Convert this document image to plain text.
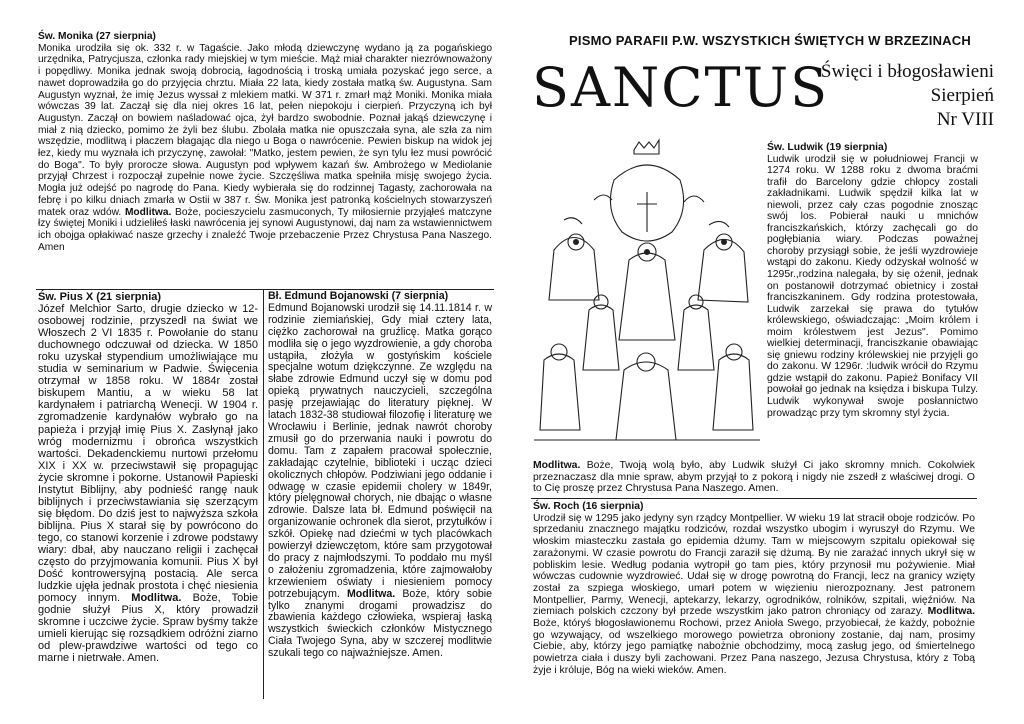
Św. Monika (27 sierpnia)

Monika urodziła się ok. 332 r. w Tagaście. Jako młodą dziewczynę wydano ją za pogańskiego urzędnika, Patrycjusza, członka rady miejskiej w tym mieście. Mąż miał charakter niezrównoważony i popędliwy. Monika jednak swoją dobrocią, łagodnością i troską umiała pozyskać jego serce, a nawet doprowadziła go do przyjęcia chrztu. Miała 22 lata, kiedy została matką św. Augustyna. Sam Augustyn wyznał, że imię Jezus wyssał z mlekiem matki. W 371 r. zmarł mąż Moniki. Monika miała wówczas 39 lat. Zaczął się dla niej okres 16 lat, pełen niepokoju i cierpień. Przyczyną ich był Augustyn. Zaczął on bowiem naśladować ojca, żył bardzo swobodnie. Poznał jakąś dziewczynę i miał z nią dziecko, pomimo że żyli bez ślubu. Zbolała matka nie opuszczała syna, ale szła za nim wszędzie, modlitwą i płaczem błagając dla niego u Boga o nawrócenie. Pewien biskup na widok jej łez, kiedy mu wyznała ich przyczynę, zawołał: "Matko, jestem pewien, że syn tylu łez musi powrócić do Boga". To były prorocze słowa. Augustyn pod wpływem kazań św. Ambrożego w Mediolanie przyjął Chrzest i rozpoczął zupełnie nowe życie. Szczęśliwa matka spełniła misję swojego życia. Mogła już odejść po nagrodę do Pana. Kiedy wybierała się do rodzinnej Tagasty, zachorowała na febrę i po kilku dniach zmarła w Ostii w 387 r. Św. Monika jest patronką kościelnych stowarzyszeń matek oraz wdów. Modlitwa. Boże, pocieszycielu zasmuconych, Ty miłosiernie przyjąłeś matczyne łzy świętej Moniki i udzieliłeś łaski nawrócenia jej synowi Augustynowi, daj nam za wstawiennictwem ich obojga opłakiwać nasze grzechy i znaleźć Twoje przebaczenie Przez Chrystusa Pana Naszego. Amen

Św. Pius X (21 sierpnia)

Józef Melchior Sarto, drugie dziecko w 12-osobowej rodzinie, przyszedł na świat we Włoszech 2 VI 1835 r. Powołanie do stanu duchownego odczuwał od dziecka. W 1850 roku uzyskał stypendium umożliwiające mu studia w seminarium w Padwie. Święcenia otrzymał w 1858 roku. W 1884r został biskupem Mantiu, a w wieku 58 lat kardynałem i patriarchą Wenecji. W 1904 r. zgromadzenie kardynałów wybrało go na papieża i przyjął imię Pius X. Zasłynął jako wróg modernizmu i obrońca wszystkich wartości. Dekadenckiemu nurtowi przełomu XIX i XX w. przeciwstawił się propagując życie skromne i pokorne. Ustanowił Papieski Instytut Biblijny, aby podnieść rangę nauk biblijnych i przeciwstawiania się szerzącym się błędom. Do dziś jest to najwyższa szkoła biblijna. Pius X starał się by powrócono do tego, co stanowi korzenie i zdrowe podstawy wiary: dbał, aby nauczano religii i zachęcał często do przyjmowania komunii. Pius X był Dość kontrowersyjną postacią. Ale serca ludzkie ujęła jednak prostota i chęć niesienia pomocy innym. Modlitwa. Boże, Tobie godnie służył Pius X, który prowadził skromne i uczciwe życie. Spraw byśmy także umieli kierując się rozsądkiem odróżni ziarno od plew-prawdziwe wartości od tego co marne i nietrwałe. Amen.

Bł. Edmund Bojanowski (7 sierpnia)

Edmund Bojanowski urodził się 14.11.1814 r. w rodzinie ziemiańskiej, Gdy miał cztery lata, ciężko zachorował na gruźlicę. Matka gorąco modliła się o jego wyzdrowienie, a gdy choroba ustąpiła, złożyła w gostyńskim kościele specjalne wotum dziękczynne. Ze względu na słabe zdrowie Edmund uczył się w domu pod opieką prywatnych nauczycieli, szczególna pasję przejawiając do literatury pięknej. W latach 1832-38 studiował filozofię i literaturę we Wrocławiu i Berlinie, jednak nawrót choroby zmusił go do przerwania nauki i powrotu do domu. Tam z zapałem pracował społecznie, zakładając czytelnie, biblioteki i ucząc dzieci okolicznych chłopów. Podziwiani jego oddanie i odwagę w czasie epidemii cholery w 1849r, który pielęgnował chorych, nie dbając o własne zdrowie. Dalsze lata bł. Edmund poświęcił na organizowanie ochronek dla sierot, przytułków i szkół. Opiekę nad dziećmi w tych placówkach powierzył dziewczętom, które sam przygotował do pracy z najmłodszymi. To poddało mu myśl o założeniu zgromadzenia, które zajmowałoby krzewieniem oświaty i niesieniem pomocy potrzebującym. Modlitwa. Boże, który sobie tylko znanymi drogami prowadzisz do zbawienia każdego człowieka, wspieraj łaską wszystkich świeckich członków Mistycznego Ciała Twojego Syna, aby w szczerej modlitwie szukali tego co najważniejsze. Amen.

PISMO PARAFII P.W. WSZYSTKICH ŚWIĘTYCH W BRZEZINACH
SANCTUS
Święci i błogosławieni
Sierpień
Nr VIII

Św. Ludwik (19 sierpnia)

Ludwik urodził się w południowej Francji w 1274 roku. W 1288 roku z dwoma braćmi trafił do Barcelony gdzie chłopcy zostali zakładnikami. Ludwik spędził kilka lat w niewoli, przez cały czas pogodnie znosząc swój los. Pobierał nauki u mnichów franciszkańskich, którzy zachęcali go do pogłębiania wiary. Podczas poważnej choroby przysiągł sobie, że jeśli wyzdrowieje wstąpi do zakonu. Kiedy odzyskał wolność w 1295r.,rodzina nalegała, by się ożenił, jednak on postanowił dotrzymać obietnicy i został franciszkaninem. Gdy rodzina protestowała, Ludwik zarzekał się prawa do tytułów królewskiego, oświadczając: „Moim królem i moim królestwem jest Jezus". Pomimo wielkiej determinacji, franciszkanie obawiając się gniewu rodziny królewskiej nie przyjęli go do zakonu. W 1296r. :ludwik wrócił do Rzymu gdzie wstąpił do zakonu. Papież Bonifacy VII powołał go jednak na księdza i biskupa Tulzy. Ludwik wykonywał swoje posłannictwo prowadząc przy tym skromny styl życia.

Modlitwa. Boże, Twoją wolą było, aby Ludwik służył Ci jako skromny mnich. Cokolwiek przeznaczasz dla mnie spraw, abym przyjął to z pokorą i nigdy nie zszedł z właściwej drogi. O to Cię proszę przez Chrystusa Pana Naszego. Amen.

Św. Roch (16 sierpnia)

Urodził się w 1295 jako jedyny syn rządcy Montpellier. W wieku 19 lat stracił oboje rodziców. Po sprzedaniu znacznego majątku rodziców, rozdał wszystko ubogim i wyruszył do Rzymu. We włoskim miasteczku zastała go epidemia dżumy. Tam w miejscowym szpitalu opiekował się zarażonymi. W czasie powrotu do Francji zaraził się dżumą. By nie zarażać innych ukrył się w pobliskim lesie. Według podania wytropił go tam pies, który przynosił mu pożywienie. Miał wówczas cudownie wyzdrowieć. Udał się w drogę powrotną do Francji, lecz na granicy wzięty został za szpiega włoskiego, umarł potem w więzieniu nierozpoznany. Jest patronem Montpellier, Parmy, Wenecji, aptekarzy, lekarzy, ogrodników, rolników, szpitali, więźniów. Na ziemiach polskich czczony był przede wszystkim jako patron chroniący od zarazy. Modlitwa. Boże, któryś błogosławionemu Rochowi, przez Anioła Swego, przyobiecał, że każdy, pobożnie go wzywający, od wszelkiego morowego powietrza obroniony zostanie, daj nam, prosimy Ciebie, aby, którzy jego pamiątkę nabożnie obchodzimy, mocą zasług jego, od śmiertelnego powietrza ciała i duszy byli zachowani. Przez Pana naszego, Jezusa Chrystusa, który z Tobą żyje i króluje, Bóg na wieki wieków. Amen.
